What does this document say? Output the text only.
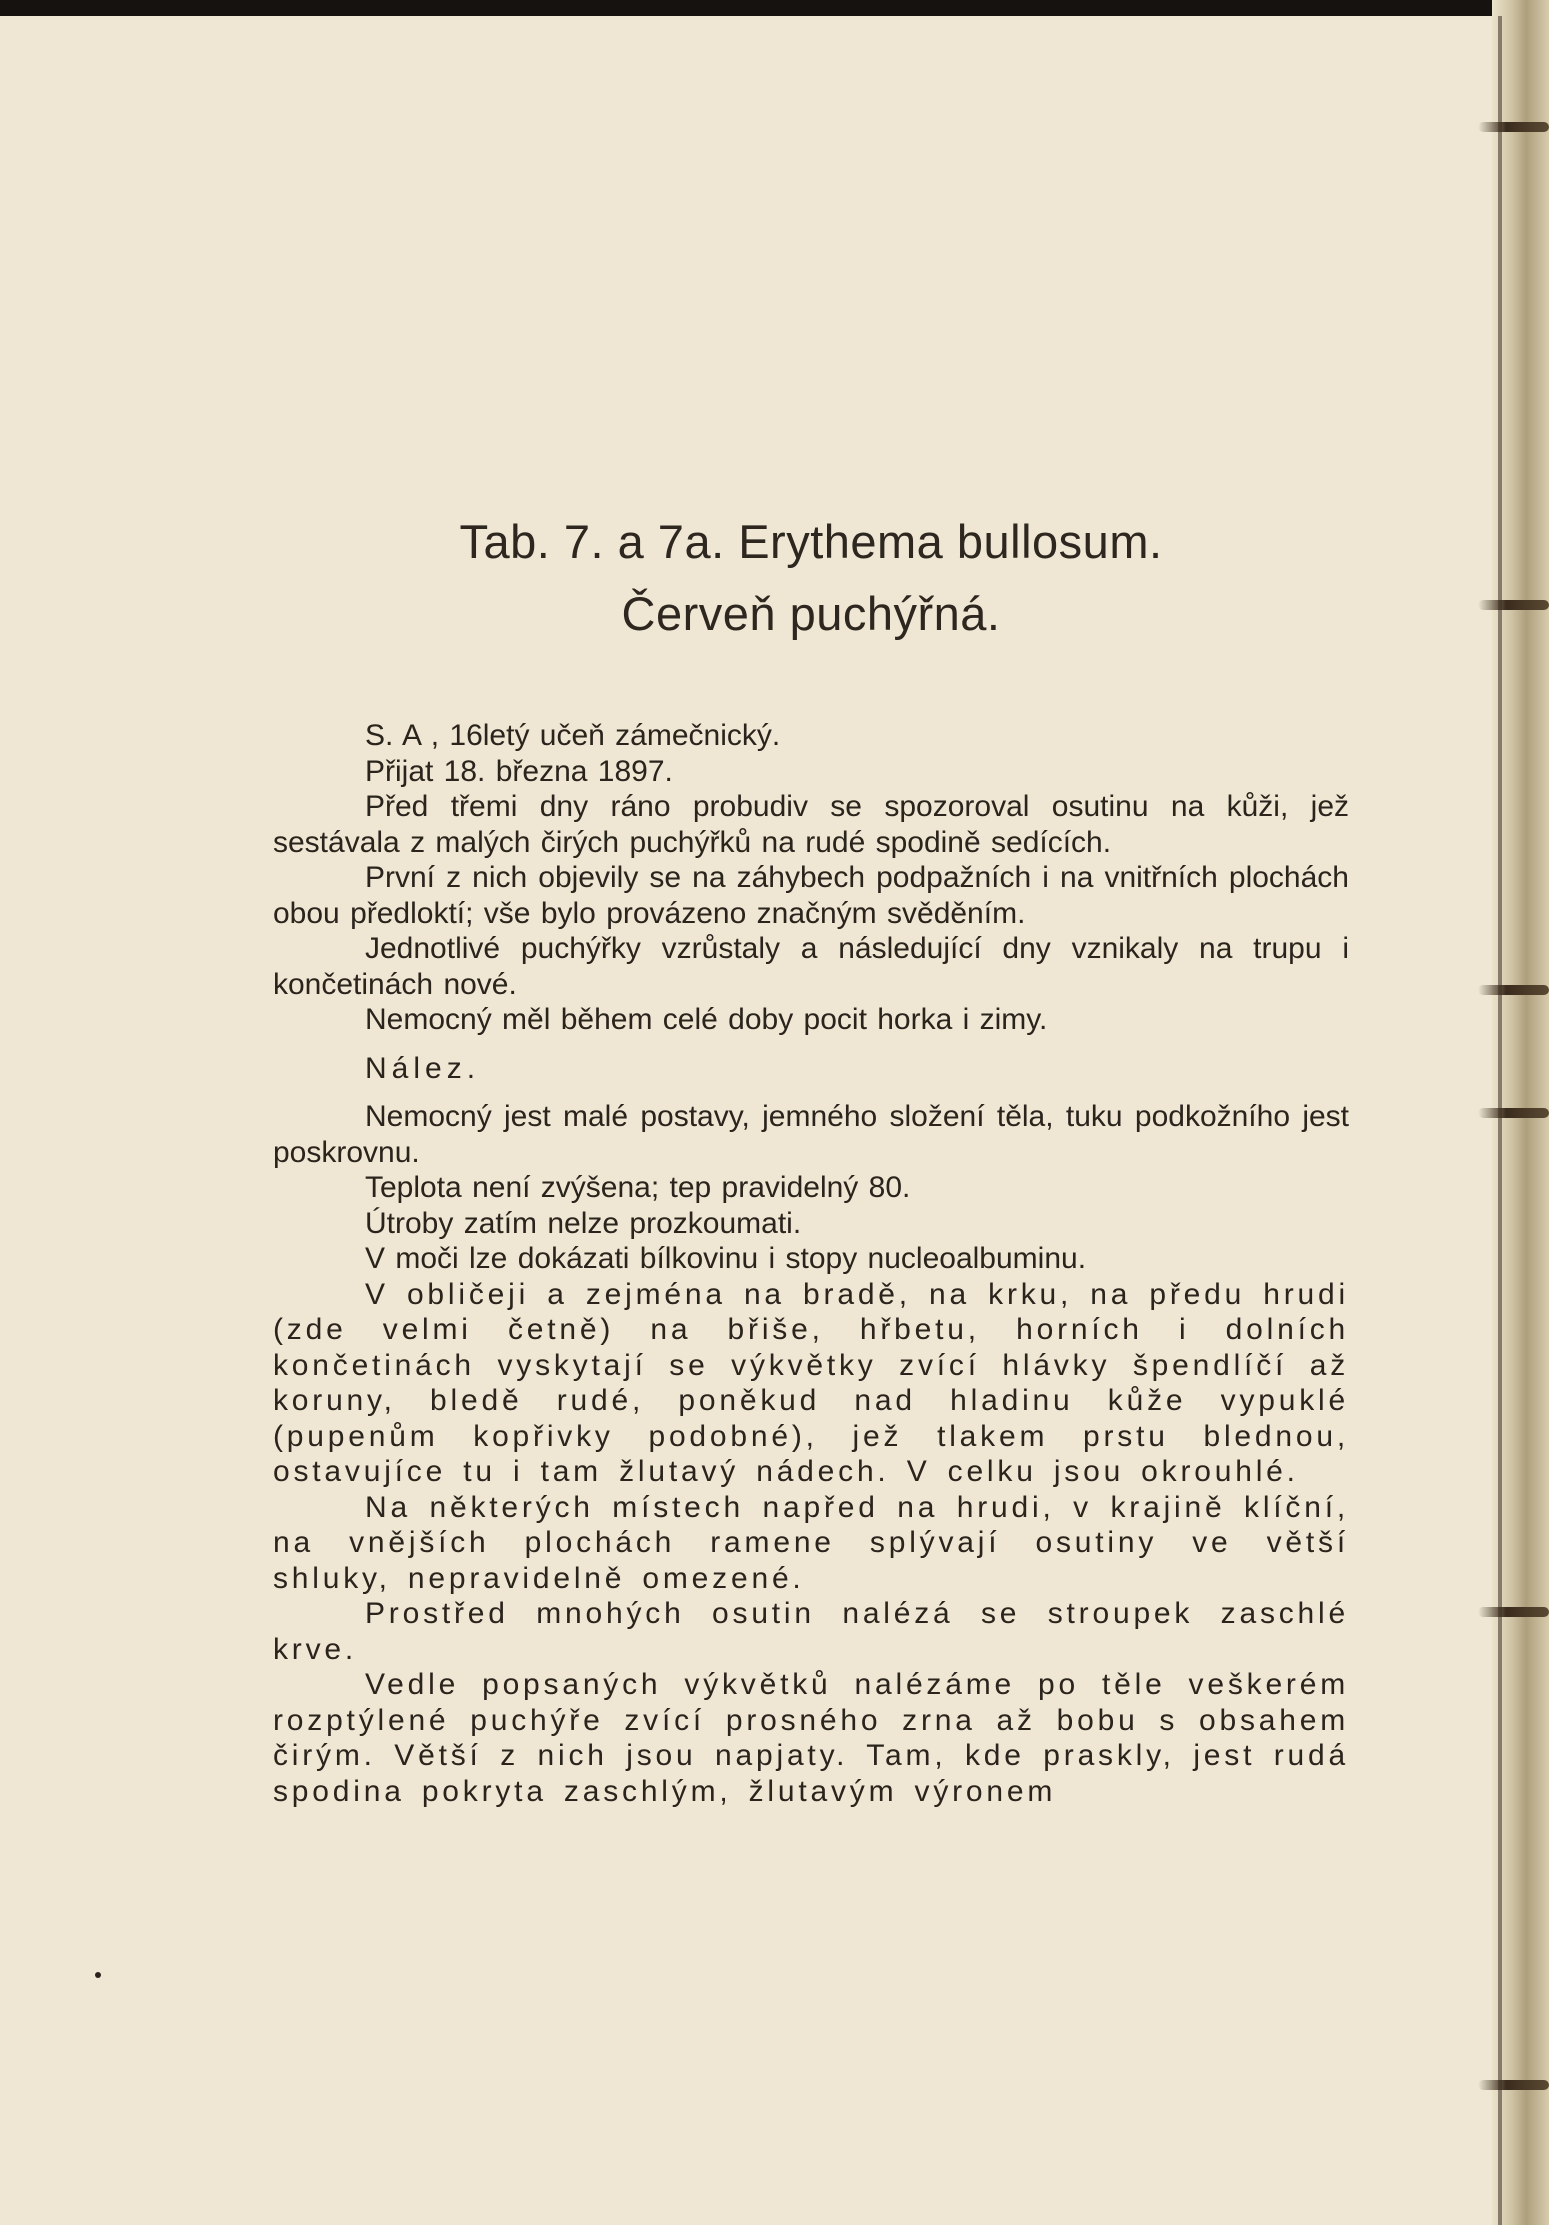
Tab. 7. a 7a. Erythema bullosum.
Červeň puchýřná.

S. A , 16letý učeň zámečnický.

Přijat 18. března 1897.

Před třemi dny ráno probudiv se spozoroval osutinu na kůži, jež sestávala z malých čirých puchýřků na rudé spodině sedících.

První z nich objevily se na záhybech podpažních i na vnitřních plochách obou předloktí; vše bylo provázeno značným svěděním.

Jednotlivé puchýřky vzrůstaly a následující dny vznikaly na trupu i končetinách nové.

Nemocný měl během celé doby pocit horka i zimy.

Nález.

Nemocný jest malé postavy, jemného složení těla, tuku podkožního jest poskrovnu.

Teplota není zvýšena; tep pravidelný 80.

Útroby zatím nelze prozkoumati.

V moči lze dokázati bílkovinu i stopy nucleoalbuminu.

V obličeji a zejména na bradě, na krku, na předu hrudi (zde velmi četně) na břiše, hřbetu, horních i dolních končetinách vyskytají se výkvětky zvící hlávky špendlíčí až koruny, bledě rudé, poněkud nad hladinu kůže vypuklé (pupenům kopřivky podobné), jež tlakem prstu blednou, ostavujíce tu i tam žlutavý nádech. V celku jsou okrouhlé.

Na některých místech napřed na hrudi, v krajině klíční, na vnějších plochách ramene splývají osutiny ve větší shluky, nepravidelně omezené.

Prostřed mnohých osutin nalézá se stroupek zaschlé krve.

Vedle popsaných výkvětků nalézáme po těle veškerém rozptýlené puchýře zvící prosného zrna až bobu s obsahem čirým. Větší z nich jsou napjaty. Tam, kde praskly, jest rudá spodina pokryta zaschlým, žlutavým výronem
